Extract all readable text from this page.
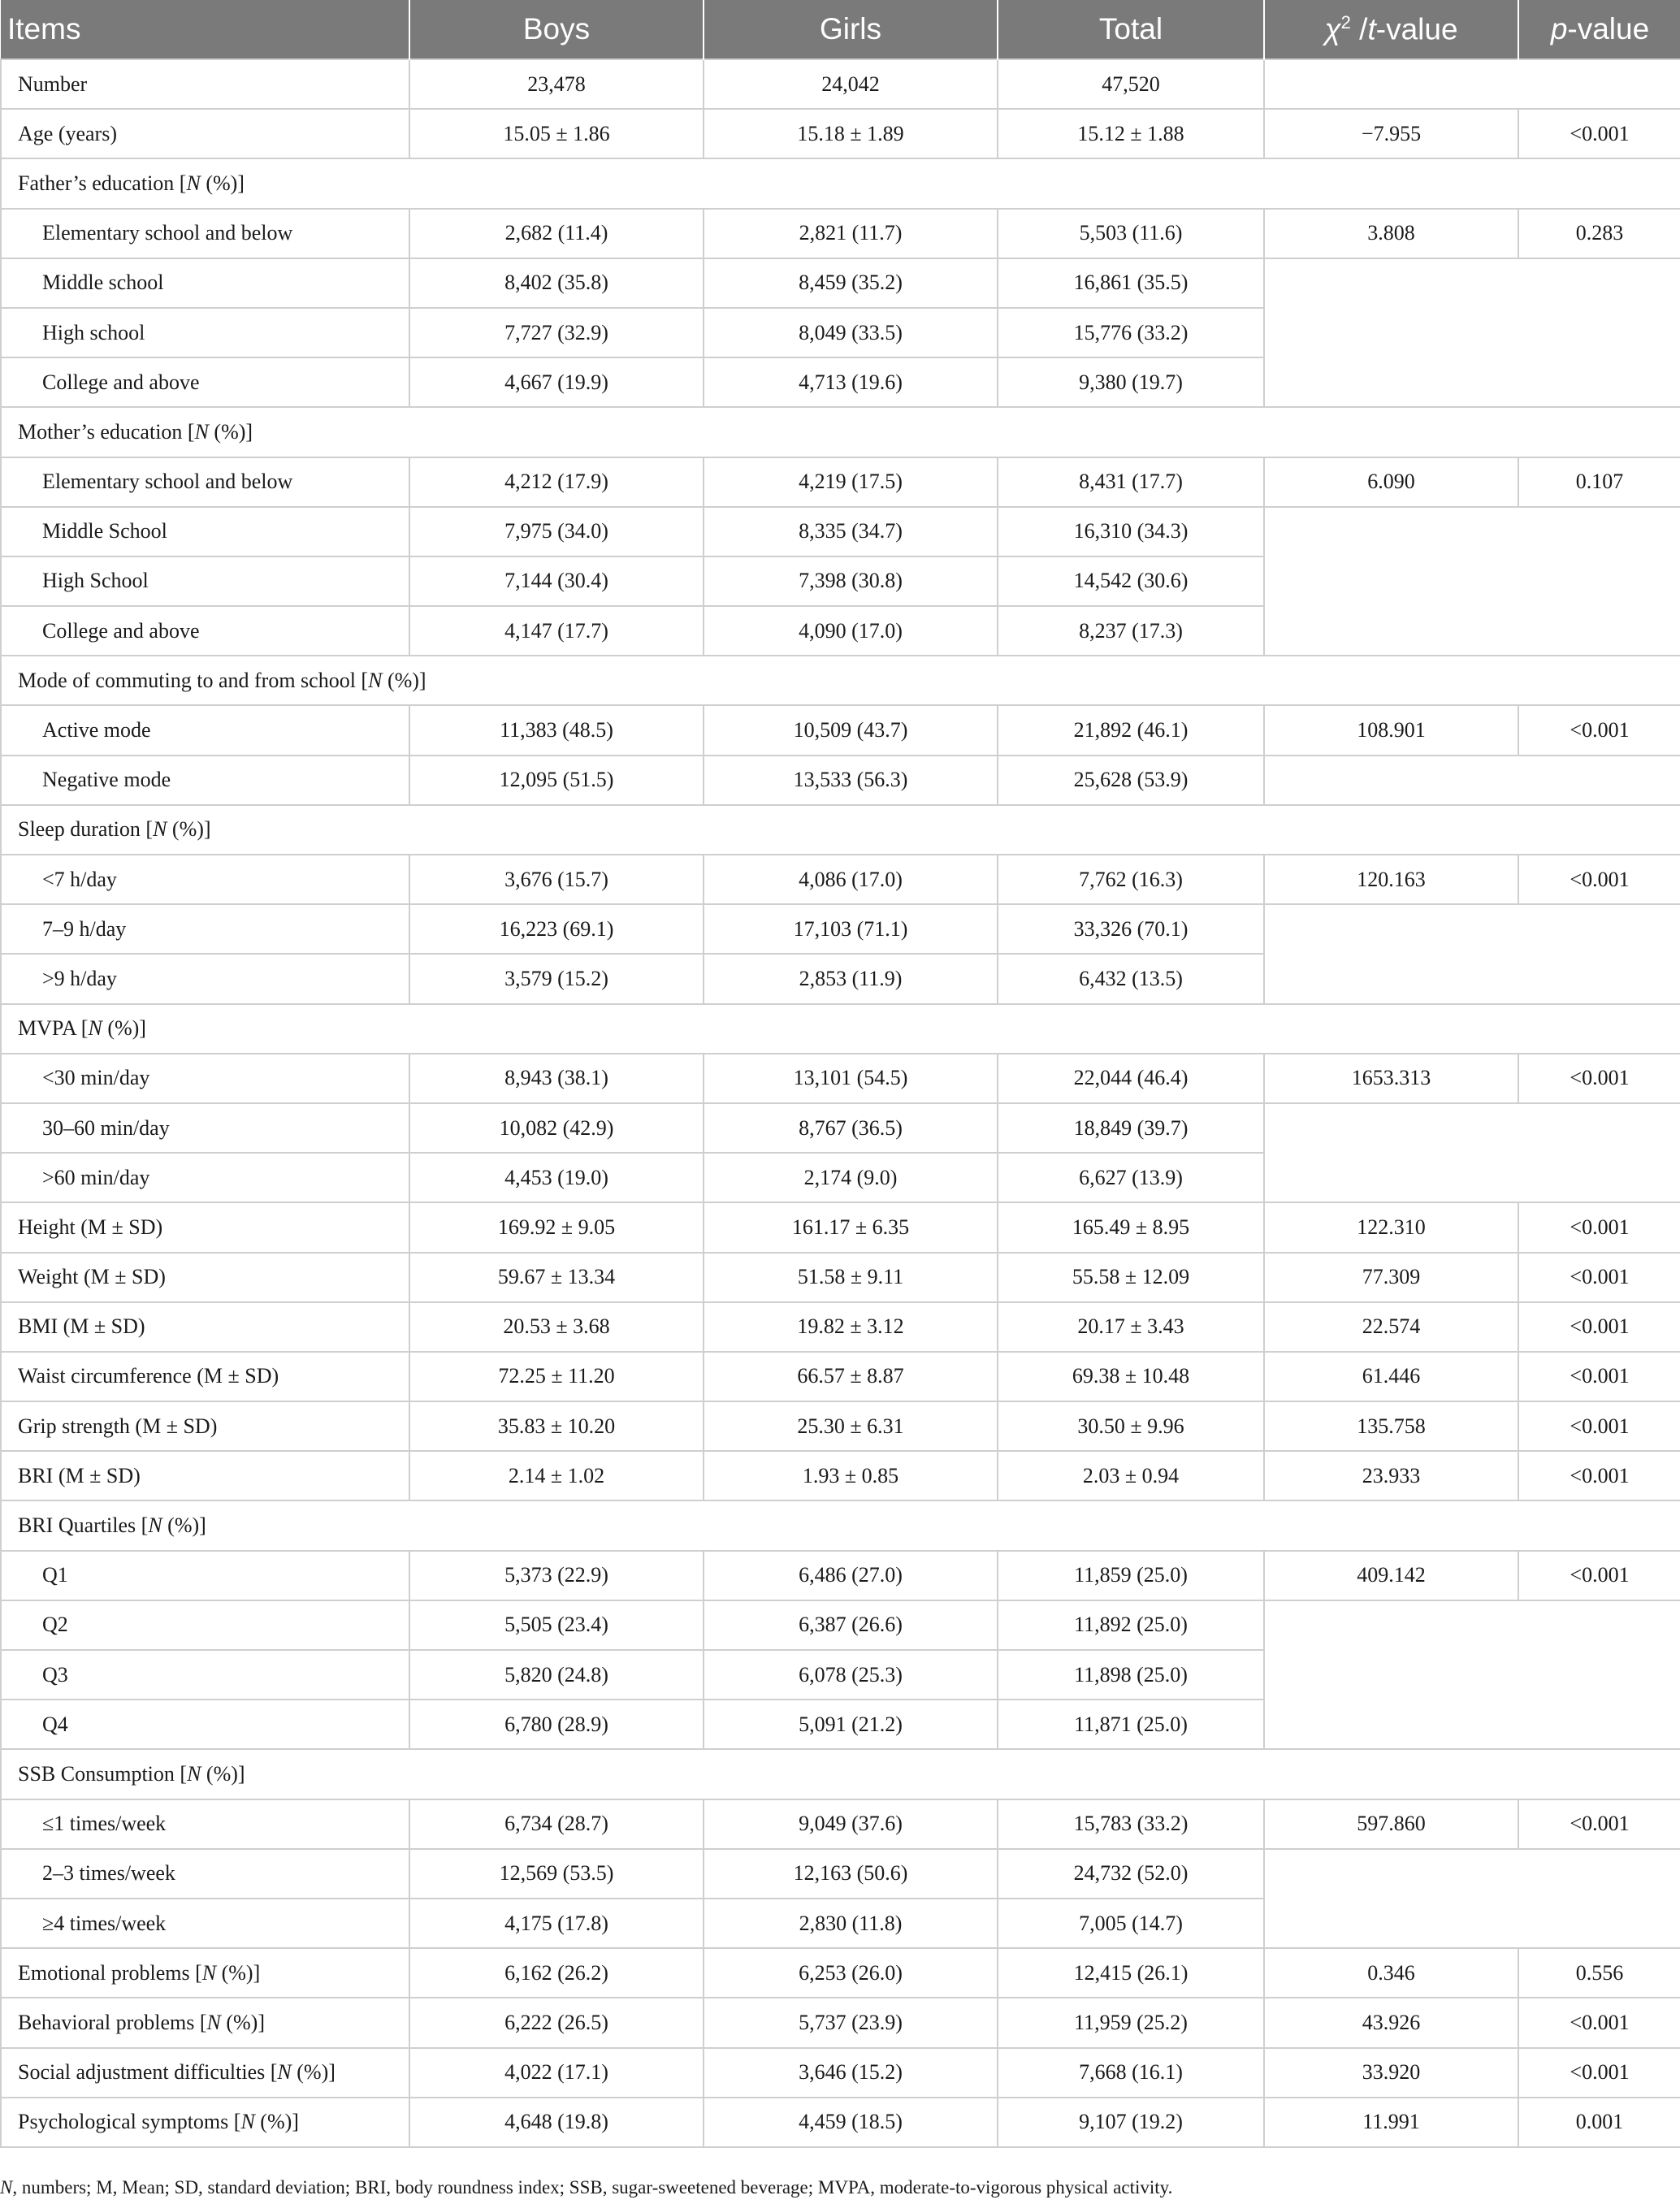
Items	Boys	Girls	Total	$\chi^2$ /t-value	p-value
Number	23,478	24,042	47,520		
Age (years)	15.05 ± 1.86	15.18 ± 1.89	15.12 ± 1.88	−7.955	<0.001
Father’s education [N (%)]					
Elementary school and below	2,682 (11.4)	2,821 (11.7)	5,503 (11.6)	3.808	0.283
Middle school	8,402 (35.8)	8,459 (35.2)	16,861 (35.5)		
High school	7,727 (32.9)	8,049 (33.5)	15,776 (33.2)		
College and above	4,667 (19.9)	4,713 (19.6)	9,380 (19.7)		
Mother’s education [N (%)]					
Elementary school and below	4,212 (17.9)	4,219 (17.5)	8,431 (17.7)	6.090	0.107
Middle School	7,975 (34.0)	8,335 (34.7)	16,310 (34.3)		
High School	7,144 (30.4)	7,398 (30.8)	14,542 (30.6)		
College and above	4,147 (17.7)	4,090 (17.0)	8,237 (17.3)		
Mode of commuting to and from school [N (%)]					
Active mode	11,383 (48.5)	10,509 (43.7)	21,892 (46.1)	108.901	<0.001
Negative mode	12,095 (51.5)	13,533 (56.3)	25,628 (53.9)		
Sleep duration [N (%)]					
<7 h/day	3,676 (15.7)	4,086 (17.0)	7,762 (16.3)	120.163	<0.001
7–9 h/day	16,223 (69.1)	17,103 (71.1)	33,326 (70.1)		
>9 h/day	3,579 (15.2)	2,853 (11.9)	6,432 (13.5)		
MVPA [N (%)]					
<30 min/day	8,943 (38.1)	13,101 (54.5)	22,044 (46.4)	1653.313	<0.001
30–60 min/day	10,082 (42.9)	8,767 (36.5)	18,849 (39.7)		
>60 min/day	4,453 (19.0)	2,174 (9.0)	6,627 (13.9)		
Height (M ± SD)	169.92 ± 9.05	161.17 ± 6.35	165.49 ± 8.95	122.310	<0.001
Weight (M ± SD)	59.67 ± 13.34	51.58 ± 9.11	55.58 ± 12.09	77.309	<0.001
BMI (M ± SD)	20.53 ± 3.68	19.82 ± 3.12	20.17 ± 3.43	22.574	<0.001
Waist circumference (M ± SD)	72.25 ± 11.20	66.57 ± 8.87	69.38 ± 10.48	61.446	<0.001
Grip strength (M ± SD)	35.83 ± 10.20	25.30 ± 6.31	30.50 ± 9.96	135.758	<0.001
BRI (M ± SD)	2.14 ± 1.02	1.93 ± 0.85	2.03 ± 0.94	23.933	<0.001
BRI Quartiles [N (%)]					
Q1	5,373 (22.9)	6,486 (27.0)	11,859 (25.0)	409.142	<0.001
Q2	5,505 (23.4)	6,387 (26.6)	11,892 (25.0)		
Q3	5,820 (24.8)	6,078 (25.3)	11,898 (25.0)		
Q4	6,780 (28.9)	5,091 (21.2)	11,871 (25.0)		
SSB Consumption [N (%)]					
≤1 times/week	6,734 (28.7)	9,049 (37.6)	15,783 (33.2)	597.860	<0.001
2–3 times/week	12,569 (53.5)	12,163 (50.6)	24,732 (52.0)		
≥4 times/week	4,175 (17.8)	2,830 (11.8)	7,005 (14.7)		
Emotional problems [N (%)]	6,162 (26.2)	6,253 (26.0)	12,415 (26.1)	0.346	0.556
Behavioral problems [N (%)]	6,222 (26.5)	5,737 (23.9)	11,959 (25.2)	43.926	<0.001
Social adjustment difficulties [N (%)]	4,022 (17.1)	3,646 (15.2)	7,668 (16.1)	33.920	<0.001
Psychological symptoms [N (%)]	4,648 (19.8)	4,459 (18.5)	9,107 (19.2)	11.991	0.001
N, numbers; M, Mean; SD, standard deviation; BRI, body roundness index; SSB, sugar-sweetened beverage; MVPA, moderate-to-vigorous physical activity.
